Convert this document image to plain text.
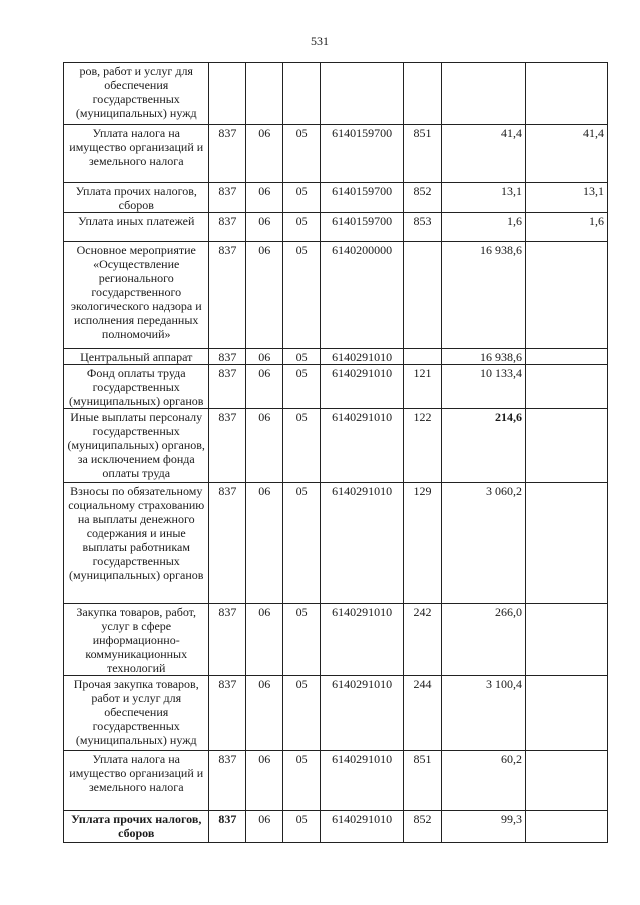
531
ров, работ и услуг для обеспечения государственных (муниципальных) нужд							
Уплата налога на имущество организаций и земельного налога	837	06	05	6140159700	851	41,4	41,4
Уплата прочих налогов, сборов	837	06	05	6140159700	852	13,1	13,1
Уплата иных платежей	837	06	05	6140159700	853	1,6	1,6
Основное мероприятие «Осуществление регионального государственного экологического надзора и исполнения переданных полномочий»	837	06	05	6140200000		16 938,6	
Центральный аппарат	837	06	05	6140291010		16 938,6	
Фонд оплаты труда государственных (муниципальных) органов	837	06	05	6140291010	121	10 133,4	
Иные выплаты персоналу государственных (муниципальных) органов, за исключением фонда оплаты труда	837	06	05	6140291010	122	214,6	
Взносы по обязательному социальному страхованию на выплаты денежного содержания и иные выплаты работникам государственных (муниципальных) органов	837	06	05	6140291010	129	3 060,2	
Закупка товаров, работ, услуг в сфере информационно-коммуникационных технологий	837	06	05	6140291010	242	266,0	
Прочая закупка товаров, работ и услуг для обеспечения государственных (муниципальных) нужд	837	06	05	6140291010	244	3 100,4	
Уплата налога на имущество организаций и земельного налога	837	06	05	6140291010	851	60,2	
Уплата прочих налогов, сборов	837	06	05	6140291010	852	99,3	
